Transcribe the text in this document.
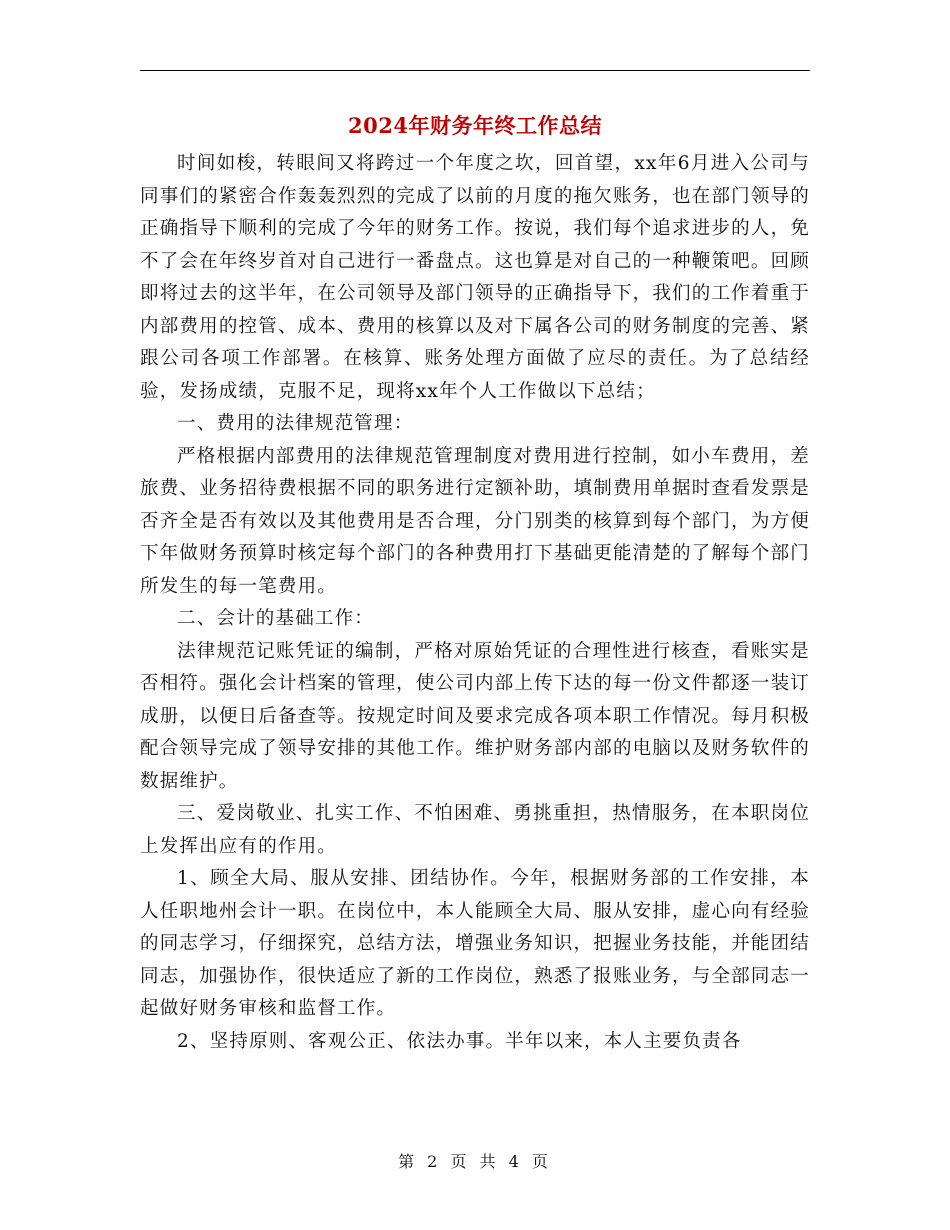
2024年财务年终工作总结

时间如梭，转眼间又将跨过一个年度之坎，回首望，xx年6月进入公司与同事们的紧密合作轰轰烈烈的完成了以前的月度的拖欠账务，也在部门领导的正确指导下顺利的完成了今年的财务工作。按说，我们每个追求进步的人，免不了会在年终岁首对自己进行一番盘点。这也算是对自己的一种鞭策吧。回顾即将过去的这半年，在公司领导及部门领导的正确指导下，我们的工作着重于内部费用的控管、成本、费用的核算以及对下属各公司的财务制度的完善、紧跟公司各项工作部署。在核算、账务处理方面做了应尽的责任。为了总结经验，发扬成绩，克服不足，现将xx年个人工作做以下总结；

一、费用的法律规范管理：

严格根据内部费用的法律规范管理制度对费用进行控制，如小车费用，差旅费、业务招待费根据不同的职务进行定额补助，填制费用单据时查看发票是否齐全是否有效以及其他费用是否合理，分门别类的核算到每个部门，为方便下年做财务预算时核定每个部门的各种费用打下基础更能清楚的了解每个部门所发生的每一笔费用。

二、会计的基础工作：

法律规范记账凭证的编制，严格对原始凭证的合理性进行核查，看账实是否相符。强化会计档案的管理，使公司内部上传下达的每一份文件都逐一装订成册，以便日后备查等。按规定时间及要求完成各项本职工作情况。每月积极配合领导完成了领导安排的其他工作。维护财务部内部的电脑以及财务软件的数据维护。

三、爱岗敬业、扎实工作、不怕困难、勇挑重担，热情服务，在本职岗位上发挥出应有的作用。

1、顾全大局、服从安排、团结协作。今年，根据财务部的工作安排，本人任职地州会计一职。在岗位中，本人能顾全大局、服从安排，虚心向有经验的同志学习，仔细探究，总结方法，增强业务知识，把握业务技能，并能团结同志，加强协作，很快适应了新的工作岗位，熟悉了报账业务，与全部同志一起做好财务审核和监督工作。

2、坚持原则、客观公正、依法办事。半年以来，本人主要负责各

第 2 页 共 4 页
